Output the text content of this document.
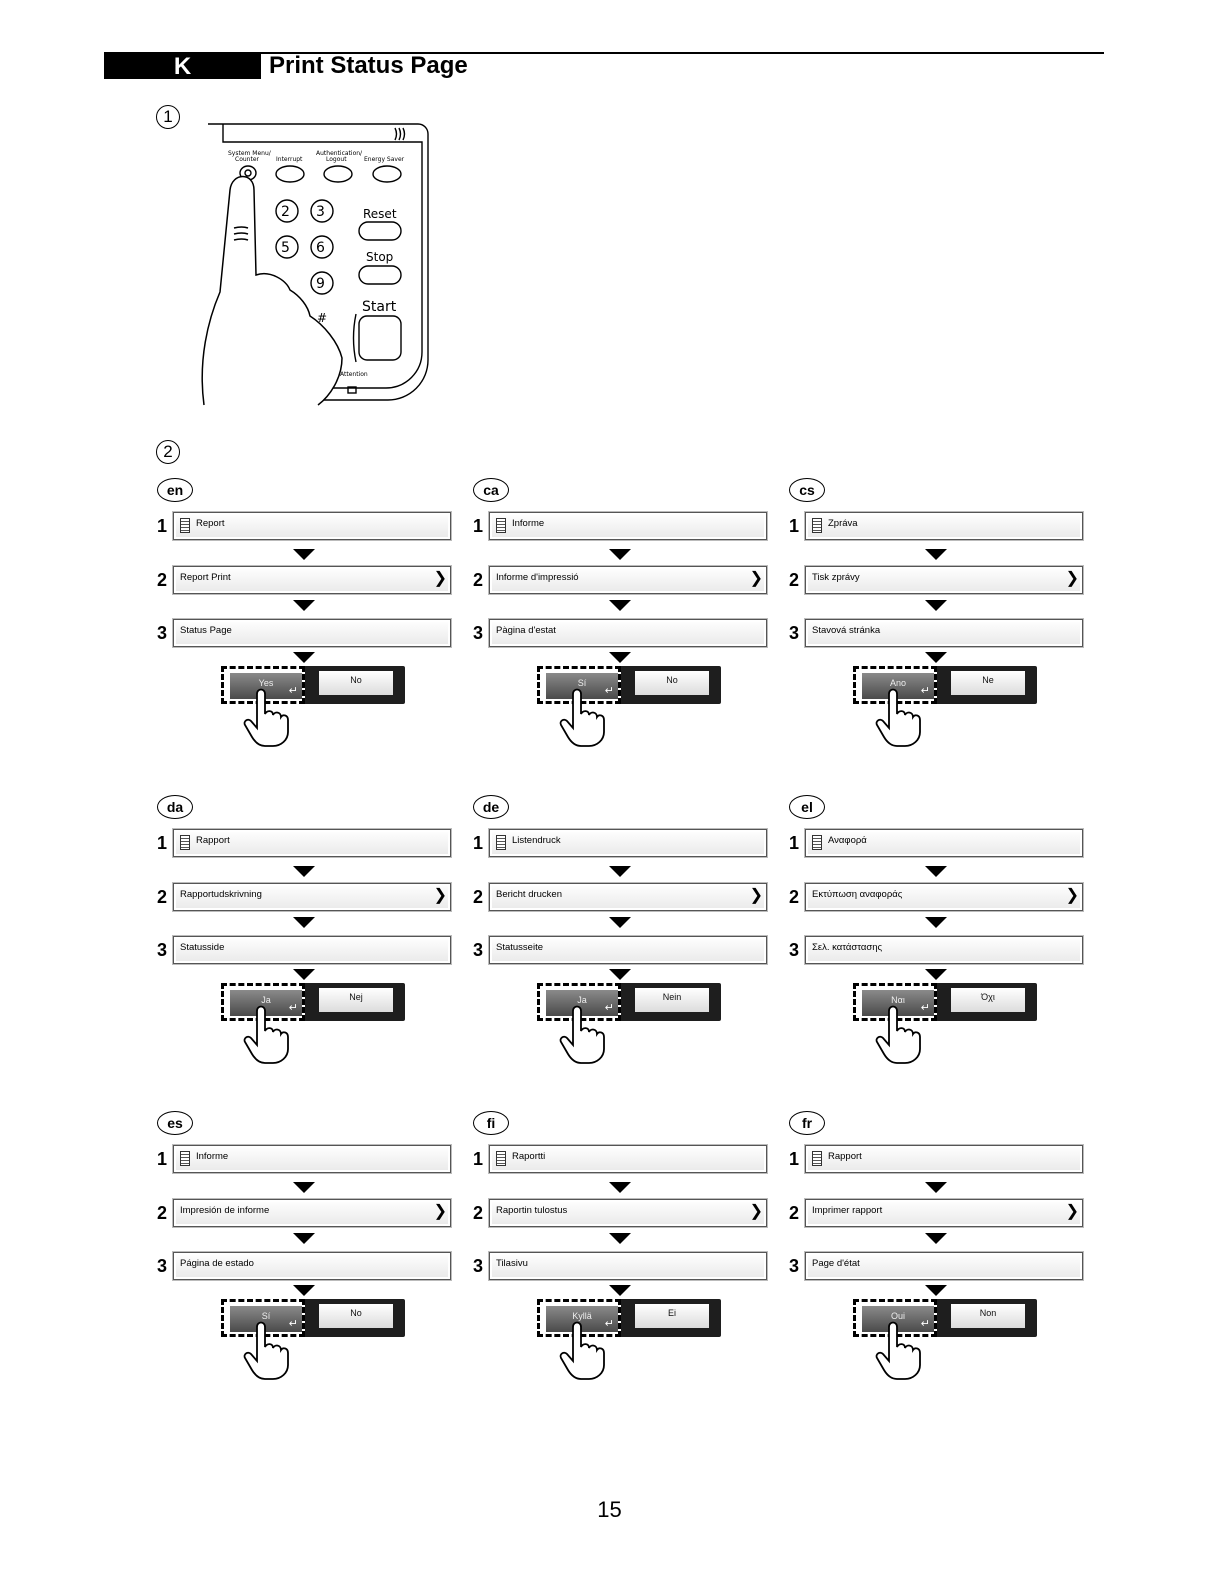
K	Print Status Page
1
System Menu/
Counter	Interrupt
Authentication/
Logout	Energy Saver
2 3
5 6
9
#
Reset
Stop
Start
Attention
2
en
1	Report
2	Report Print	❯
3	Status Page
Yes
↵
No
ca
1	Informe
2	Informe d'impressió	❯
3	Pàgina d'estat
Sí
↵
No
cs
1	Zpráva
2	Tisk zprávy	❯
3	Stavová stránka
Ano
↵
Ne
da
1	Rapport
2	Rapportudskrivning	❯
3	Statusside
Ja
↵
Nej
de
1	Listendruck
2	Bericht drucken	❯
3	Statusseite
Ja
↵
Nein
el
1	Αναφορά
2	Εκτύπωση αναφοράς	❯
3	Σελ. κατάστασης
Ναι
↵
Όχι
es
1	Informe
2	Impresión de informe	❯
3	Página de estado
Sí
↵
No
fi
1	Raportti
2	Raportin tulostus	❯
3	Tilasivu
Kyllä
↵
Ei
fr
1	Rapport
2	Imprimer rapport	❯
3	Page d'état
Oui
↵
Non
15
